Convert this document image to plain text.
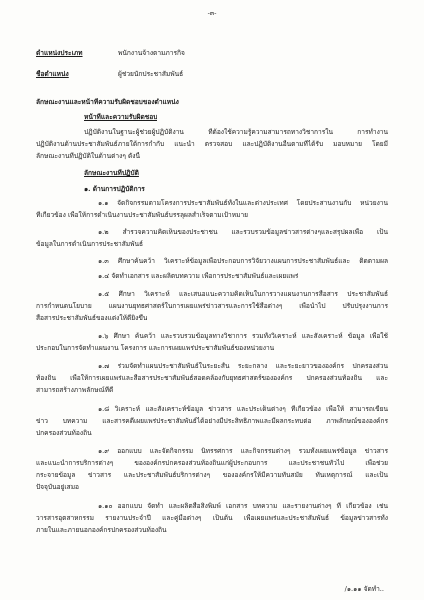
-๓-
ตำแหน่งประเภท	พนักงานจ้างตามภารกิจ
ชื่อตำแหน่ง	ผู้ช่วยนักประชาสัมพันธ์
ลักษณะงานและหน้าที่ความรับผิดชอบของตำแหน่ง
หน้าที่และความรับผิดชอบ
ปฏิบัติงานในฐานะผู้ช่วยผู้ปฏิบัติงาน ที่ต้องใช้ความรู้ความสามารถทางวิชาการใน การทำงาน
ปฏิบัติงานด้านประชาสัมพันธ์ภายใต้การกำกับ แนะนำ ตรวจสอบ และปฏิบัติงานอื่นตามที่ได้รับ มอบหมาย โดยมี
ลักษณะงานที่ปฏิบัติในด้านต่างๆ ดังนี้
ลักษณะงานที่ปฏิบัติ
๑. ด้านการปฏิบัติการ
๑.๑ จัดกิจกรรมตามโครงการประชาสัมพันธ์ทั้งในและต่างประเทศ โดยประสานงานกับ หน่วยงาน
ที่เกี่ยวข้อง เพื่อให้การดำเนินงานประชาสัมพันธ์บรรลุผลสำเร็จตามเป้าหมาย
๑.๒ สำรวจความคิดเห็นของประชาชน และรวบรวมข้อมูลข่าวสารต่างๆและสรุปผลเพื่อ เป็น
ข้อมูลในการดำเนินการประชาสัมพันธ์
๑.๓ ศึกษาค้นคว้า วิเคราะห์ข้อมูลเพื่อประกอบการวิจัยวางแผนการประชาสัมพันธ์และ ติดตามผล
๑.๔ จัดทำเอกสาร และผลิตบทความ เพื่อการประชาสัมพันธ์และเผยแพร่
๑.๕ ศึกษา วิเคราะห์ และเสนอแนะความคิดเห็นในการวางแผนงานการสื่อสาร ประชาสัมพันธ์
การกำหนดนโยบาย แผนงานยุทธศาสตร์ในการเผยแพร่ข่าวสารและการใช้สื่อต่างๆ เพื่อนำไป ปรับปรุงงานการ
สื่อสารประชาสัมพันธ์ของแต่งให้ดียิ่งขึ้น
๑.๖ ศึกษา ค้นคว้า และรวบรวมข้อมูลทางวิชาการ รวมทั้งวิเคราะห์ และสังเคราะห์ ข้อมูล เพื่อใช้
ประกอบในการจัดทำแผนงาน โครงการ และการเผยแพร่ประชาสัมพันธ์ของหน่วยงาน
๑.๗ ร่วมจัดทำแผนประชาสัมพันธ์ในระยะสั้น ระยะกลาง และระยะยาวขององค์กร ปกครองส่วน
ท้องถิ่น เพื่อให้การเผยแพร่และสื่อสารประชาสัมพันธ์สอดคล้องกับยุทธศาสตร์ขององค์กร ปกครองส่วนท้องถิ่น และ
สามารถสร้างภาพลักษณ์ที่ดี
๑.๘ วิเคราะห์ และสังเคราะห์ข้อมูล ข่าวสาร และประเด็นต่างๆ ที่เกี่ยวข้อง เพื่อให้ สามารถเขียน
ข่าว บทความ และสารคดีเผยแพร่ประชาสัมพันธ์ได้อย่างมีประสิทธิภาพและมีผลกระทบต่อ ภาพลักษณ์ขององค์กร
ปกครองส่วนท้องถิ่น
๑.๙ ออกแบบ และจัดกิจกรรม นิทรรศการ และกิจกรรมต่างๆ รวมทั้งเผยแพร่ข้อมูล ข่าวสาร
และแนะนำการบริการต่างๆ ขององค์กรปกครองส่วนท้องถิ่นแก่ผู้ประกอบการ และประชาชนทั่วไป เพื่อช่วย
กระจายข้อมูล ข่าวสาร และประชาสัมพันธ์บริการต่างๆ ขององค์กรให้มีความทันสมัย ทันเหตุการณ์ และเป็น
ปัจจุบันอยู่เสมอ
๑.๑๐ ออกแบบ จัดทำ และผลิตสื่อสิ่งพิมพ์ เอกสาร บทความ และรายงานต่างๆ ที่ เกี่ยวข้อง เช่น
วารสารอุตสาหกรรม รายงานประจำปี และคู่มือต่างๆ เป็นต้น เพื่อเผยแพร่และประชาสัมพันธ์ ข้อมูลข่าวสารทั้ง
ภายในและภายนอกองค์กรปกครองส่วนท้องถิ่น
/๑.๑๑ จัดทำ..
